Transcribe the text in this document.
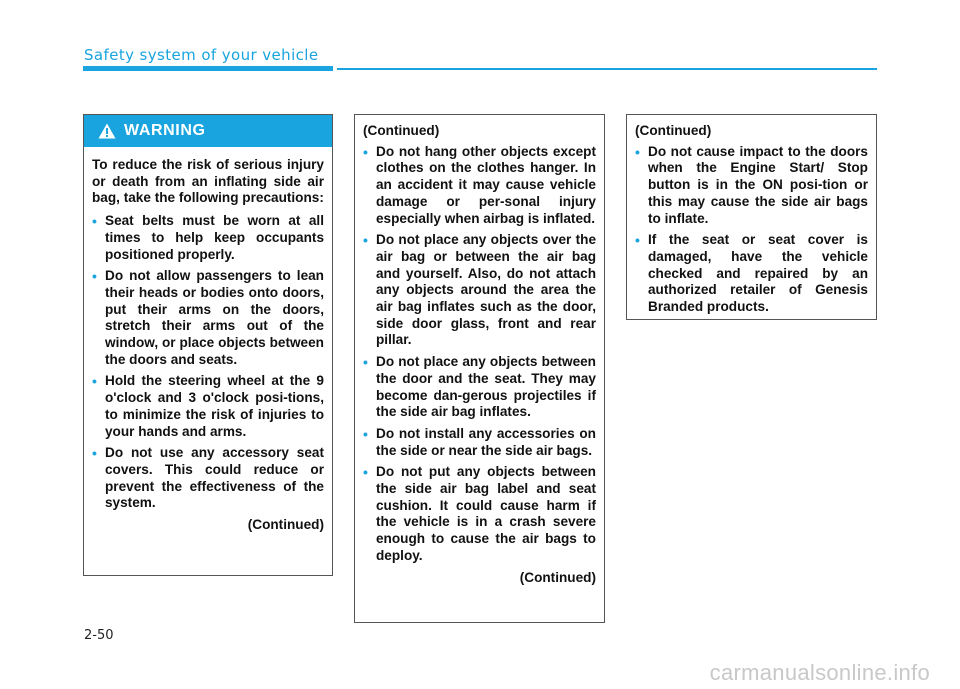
Safety system of your vehicle
WARNING

To reduce the risk of serious injury or death from an inflating side air bag, take the following precautions:

• Seat belts must be worn at all times to help keep occupants positioned properly.
• Do not allow passengers to lean their heads or bodies onto doors, put their arms on the doors, stretch their arms out of the window, or place objects between the doors and seats.
• Hold the steering wheel at the 9 o'clock and 3 o'clock posi-tions, to minimize the risk of injuries to your hands and arms.
• Do not use any accessory seat covers. This could reduce or prevent the effectiveness of the system.
(Continued)
(Continued)
• Do not hang other objects except clothes on the clothes hanger. In an accident it may cause vehicle damage or per-sonal injury especially when airbag is inflated.
• Do not place any objects over the air bag or between the air bag and yourself. Also, do not attach any objects around the area the air bag inflates such as the door, side door glass, front and rear pillar.
• Do not place any objects between the door and the seat. They may become dan-gerous projectiles if the side air bag inflates.
• Do not install any accessories on the side or near the side air bags.
• Do not put any objects between the side air bag label and seat cushion. It could cause harm if the vehicle is in a crash severe enough to cause the air bags to deploy.
(Continued)
(Continued)
• Do not cause impact to the doors when the Engine Start/ Stop button is in the ON posi-tion or this may cause the side air bags to inflate.
• If the seat or seat cover is damaged, have the vehicle checked and repaired by an authorized retailer of Genesis Branded products.
2-50
carmanualsonline.info
